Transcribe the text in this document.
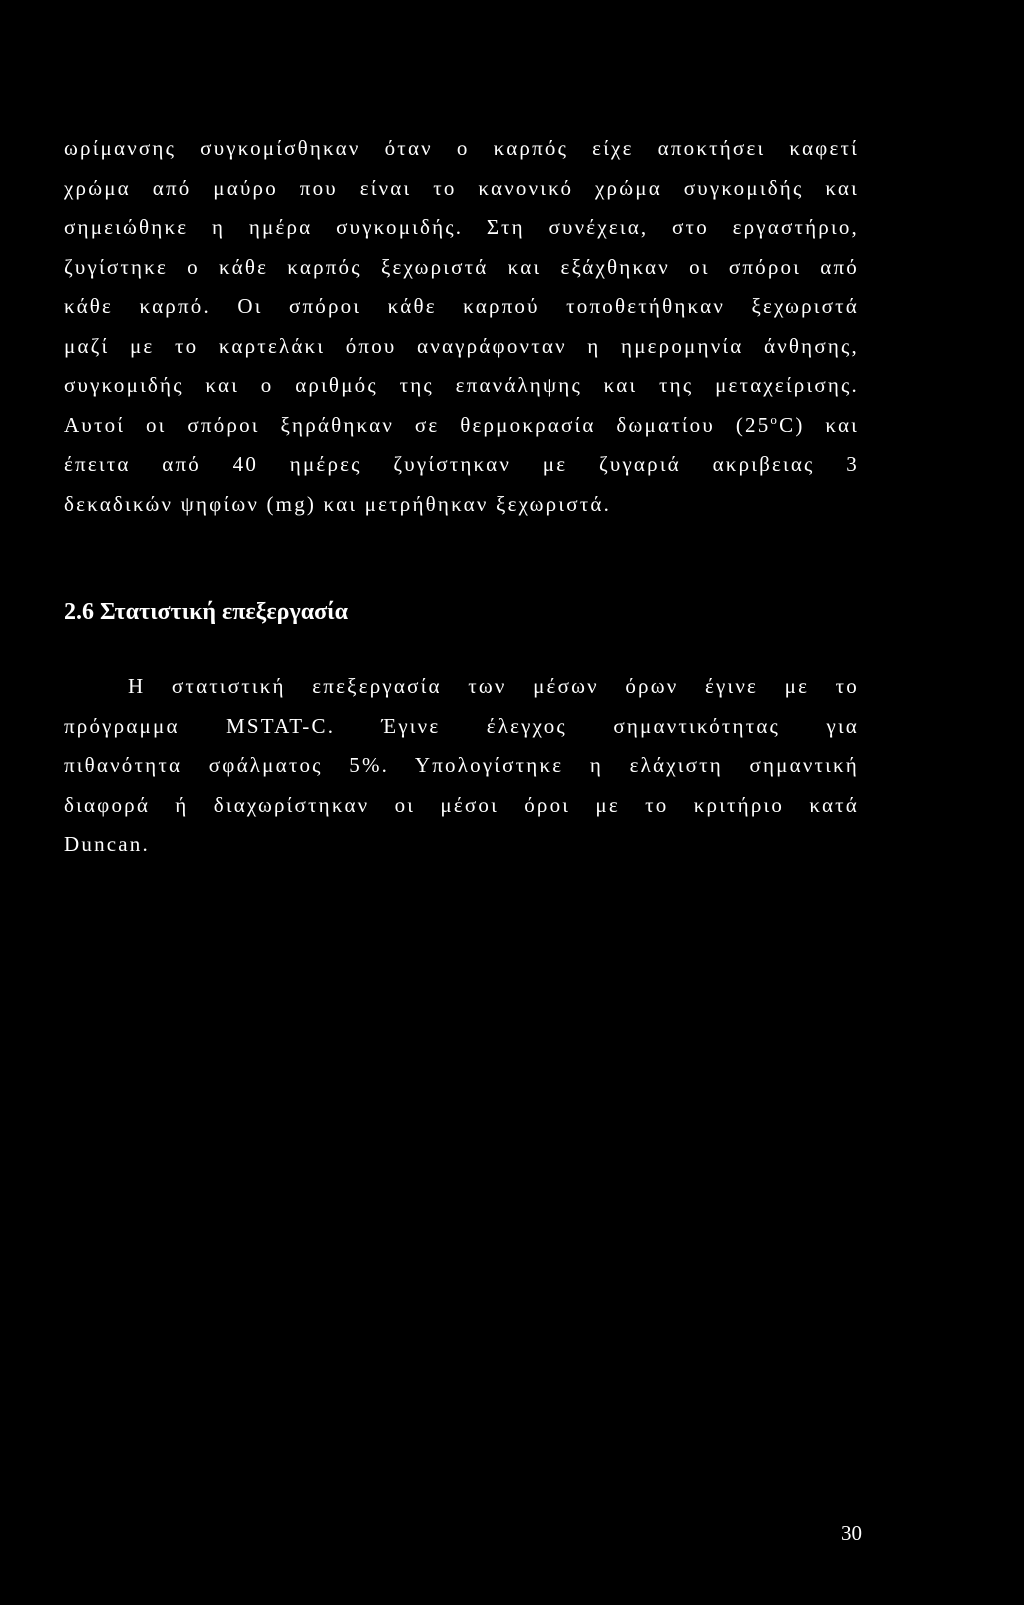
ωρίμανσης συγκομίσθηκαν όταν ο καρπός είχε αποκτήσει καφετί
χρώμα από μαύρο που είναι το κανονικό χρώμα συγκομιδής και
σημειώθηκε η ημέρα συγκομιδής. Στη συνέχεια, στο εργαστήριο,
ζυγίστηκε ο κάθε καρπός ξεχωριστά και εξάχθηκαν οι σπόροι από
κάθε καρπό. Οι σπόροι κάθε καρπού τοποθετήθηκαν ξεχωριστά
μαζί με το καρτελάκι όπου αναγράφονταν η ημερομηνία άνθησης,
συγκομιδής και ο αριθμός της επανάληψης και της μεταχείρισης.
Αυτοί οι σπόροι ξηράθηκαν σε θερμοκρασία δωματίου (25$^o$C) και
έπειτα από 40 ημέρες ζυγίστηκαν με ζυγαριά ακριβειας 3
δεκαδικών ψηφίων (mg) και μετρήθηκαν ξεχωριστά.
2.6 Στατιστική επεξεργασία
Η στατιστική επεξεργασία των μέσων όρων έγινε με το
πρόγραμμα MSTAT-C. Έγινε έλεγχος σημαντικότητας για
πιθανότητα σφάλματος 5%. Υπολογίστηκε η ελάχιστη σημαντική
διαφορά ή διαχωρίστηκαν οι μέσοι όροι με το κριτήριο κατά
Duncan.
30
